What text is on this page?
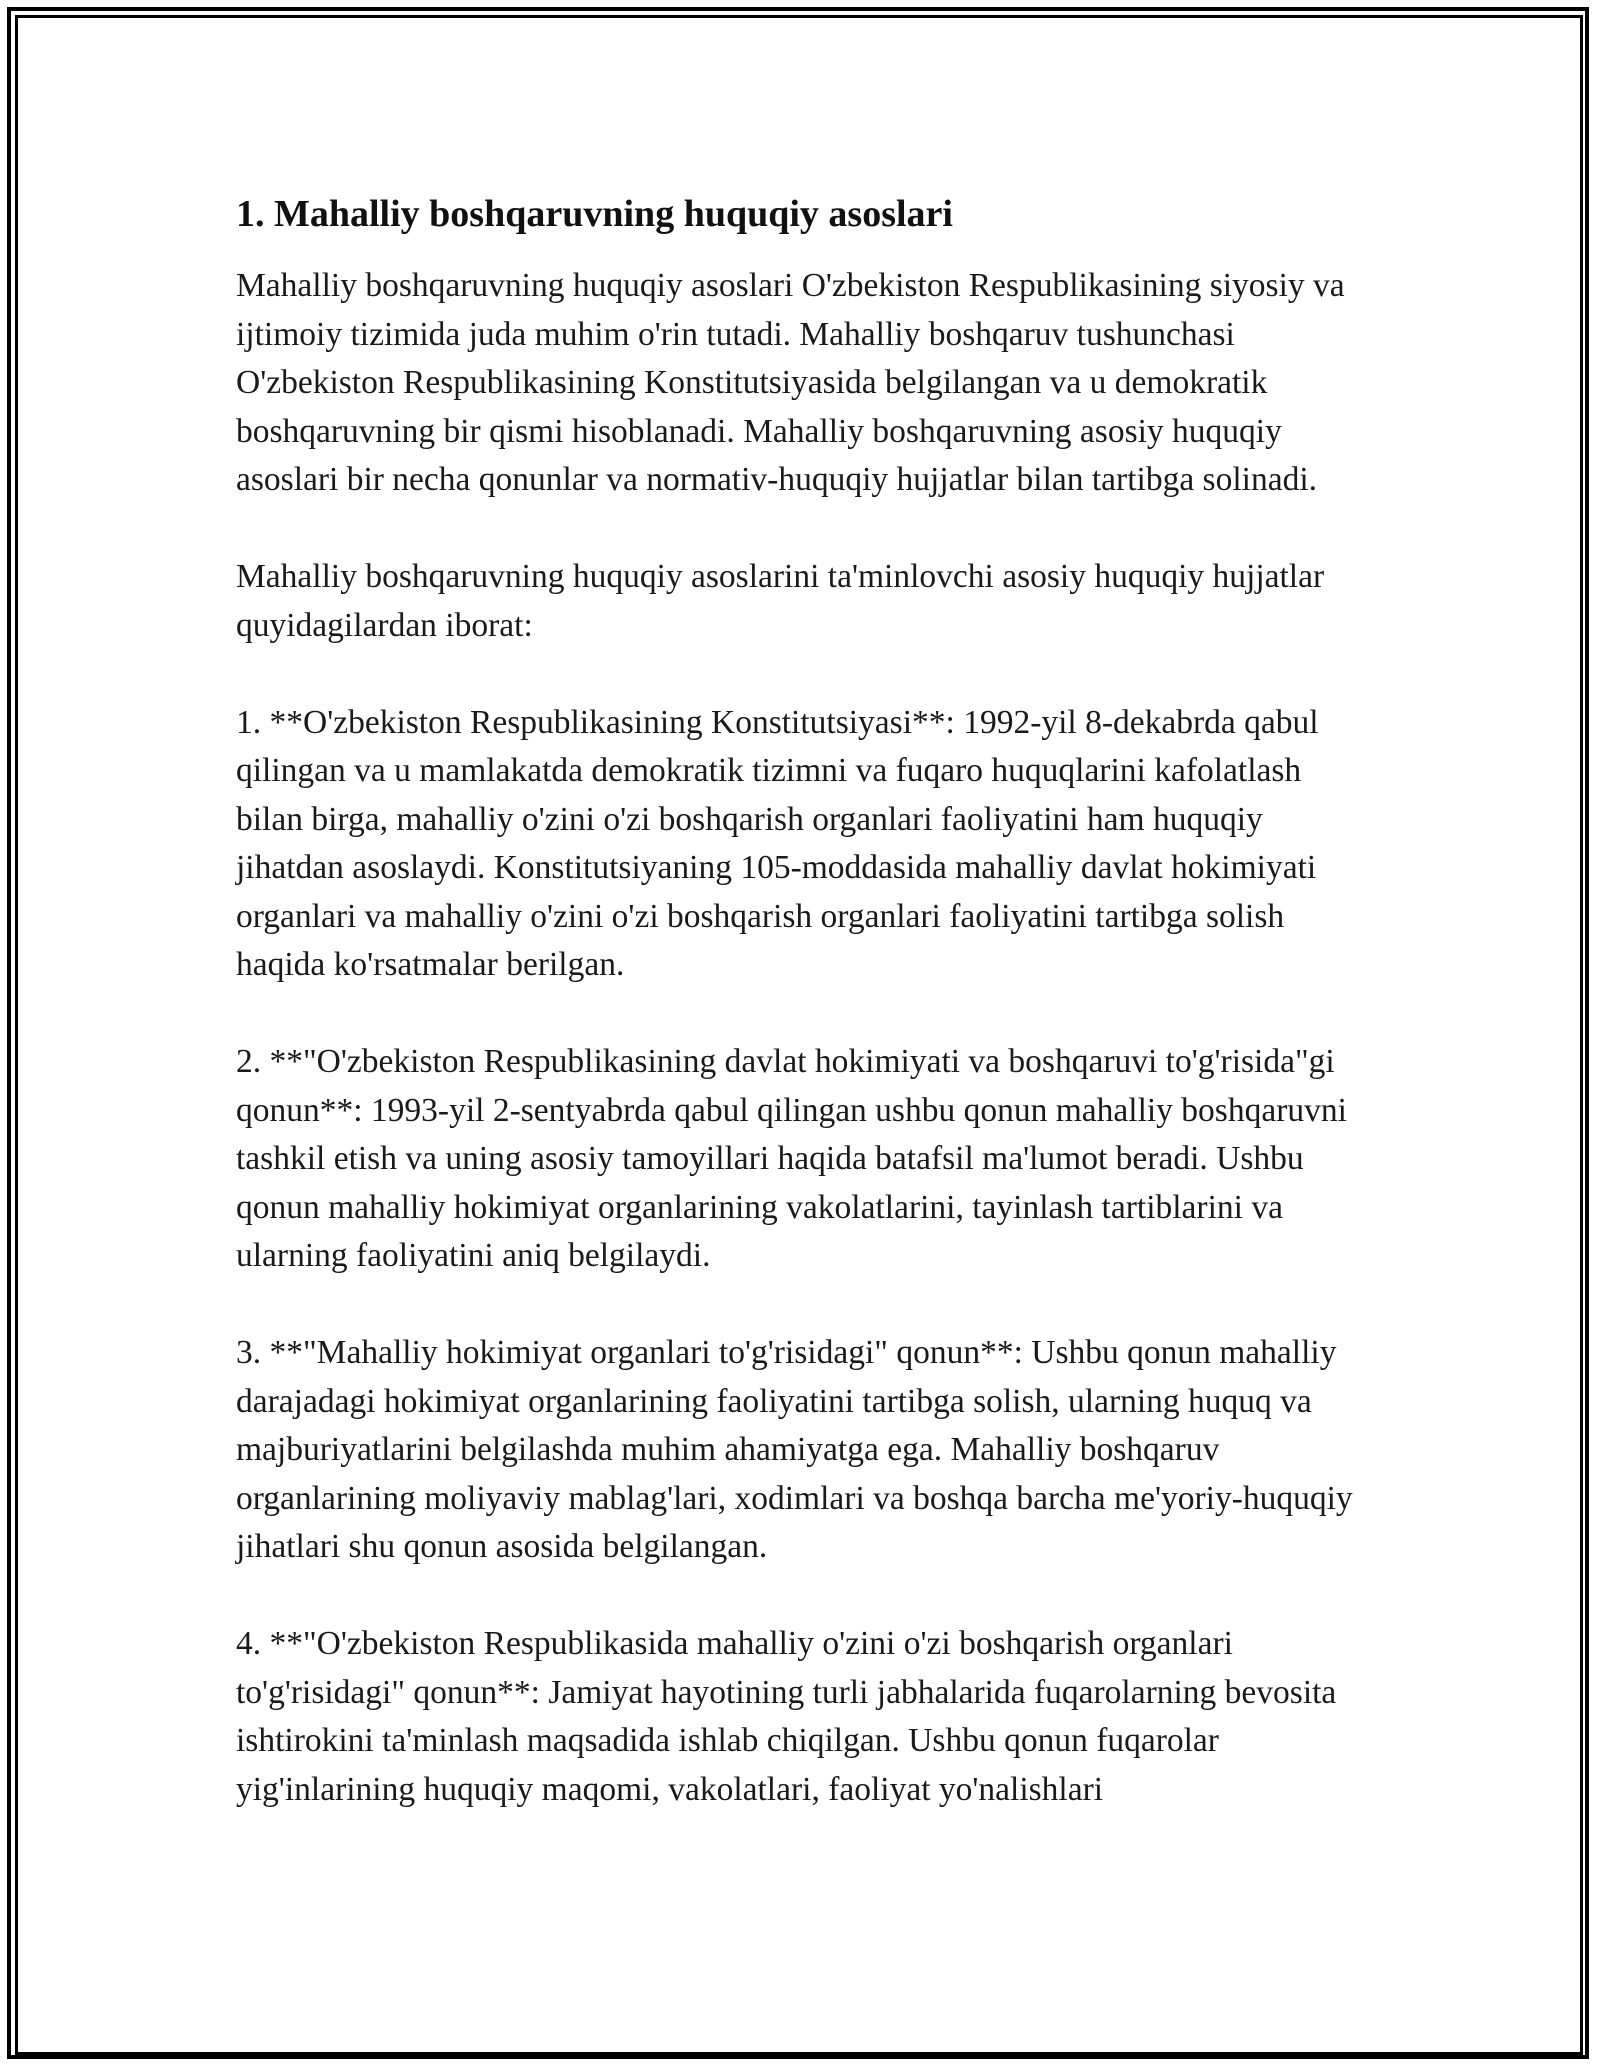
1. Mahalliy boshqaruvning huquqiy asoslari

Mahalliy boshqaruvning huquqiy asoslari O'zbekiston Respublikasining siyosiy va ijtimoiy tizimida juda muhim o'rin tutadi. Mahalliy boshqaruv tushunchasi O'zbekiston Respublikasining Konstitutsiyasida belgilangan va u demokratik boshqaruvning bir qismi hisoblanadi. Mahalliy boshqaruvning asosiy huquqiy asoslari bir necha qonunlar va normativ-huquqiy hujjatlar bilan tartibga solinadi.

Mahalliy boshqaruvning huquqiy asoslarini ta'minlovchi asosiy huquqiy hujjatlar quyidagilardan iborat:

1. **O'zbekiston Respublikasining Konstitutsiyasi**: 1992-yil 8-dekabrda qabul qilingan va u mamlakatda demokratik tizimni va fuqaro huquqlarini kafolatlash bilan birga, mahalliy o'zini o'zi boshqarish organlari faoliyatini ham huquqiy jihatdan asoslaydi. Konstitutsiyaning 105-moddasida mahalliy davlat hokimiyati organlari va mahalliy o'zini o'zi boshqarish organlari faoliyatini tartibga solish haqida ko'rsatmalar berilgan.

2. **"O'zbekiston Respublikasining davlat hokimiyati va boshqaruvi to'g'risida"gi qonun**: 1993-yil 2-sentyabrda qabul qilingan ushbu qonun mahalliy boshqaruvni tashkil etish va uning asosiy tamoyillari haqida batafsil ma'lumot beradi. Ushbu qonun mahalliy hokimiyat organlarining vakolatlarini, tayinlash tartiblarini va ularning faoliyatini aniq belgilaydi.

3. **"Mahalliy hokimiyat organlari to'g'risidagi" qonun**: Ushbu qonun mahalliy darajadagi hokimiyat organlarining faoliyatini tartibga solish, ularning huquq va majburiyatlarini belgilashda muhim ahamiyatga ega. Mahalliy boshqaruv organlarining moliyaviy mablag'lari, xodimlari va boshqa barcha me'yoriy-huquqiy jihatlari shu qonun asosida belgilangan.

4. **"O'zbekiston Respublikasida mahalliy o'zini o'zi boshqarish organlari to'g'risidagi" qonun**: Jamiyat hayotining turli jabhalarida fuqarolarning bevosita ishtirokini ta'minlash maqsadida ishlab chiqilgan. Ushbu qonun fuqarolar yig'inlarining huquqiy maqomi, vakolatlari, faoliyat yo'nalishlari
